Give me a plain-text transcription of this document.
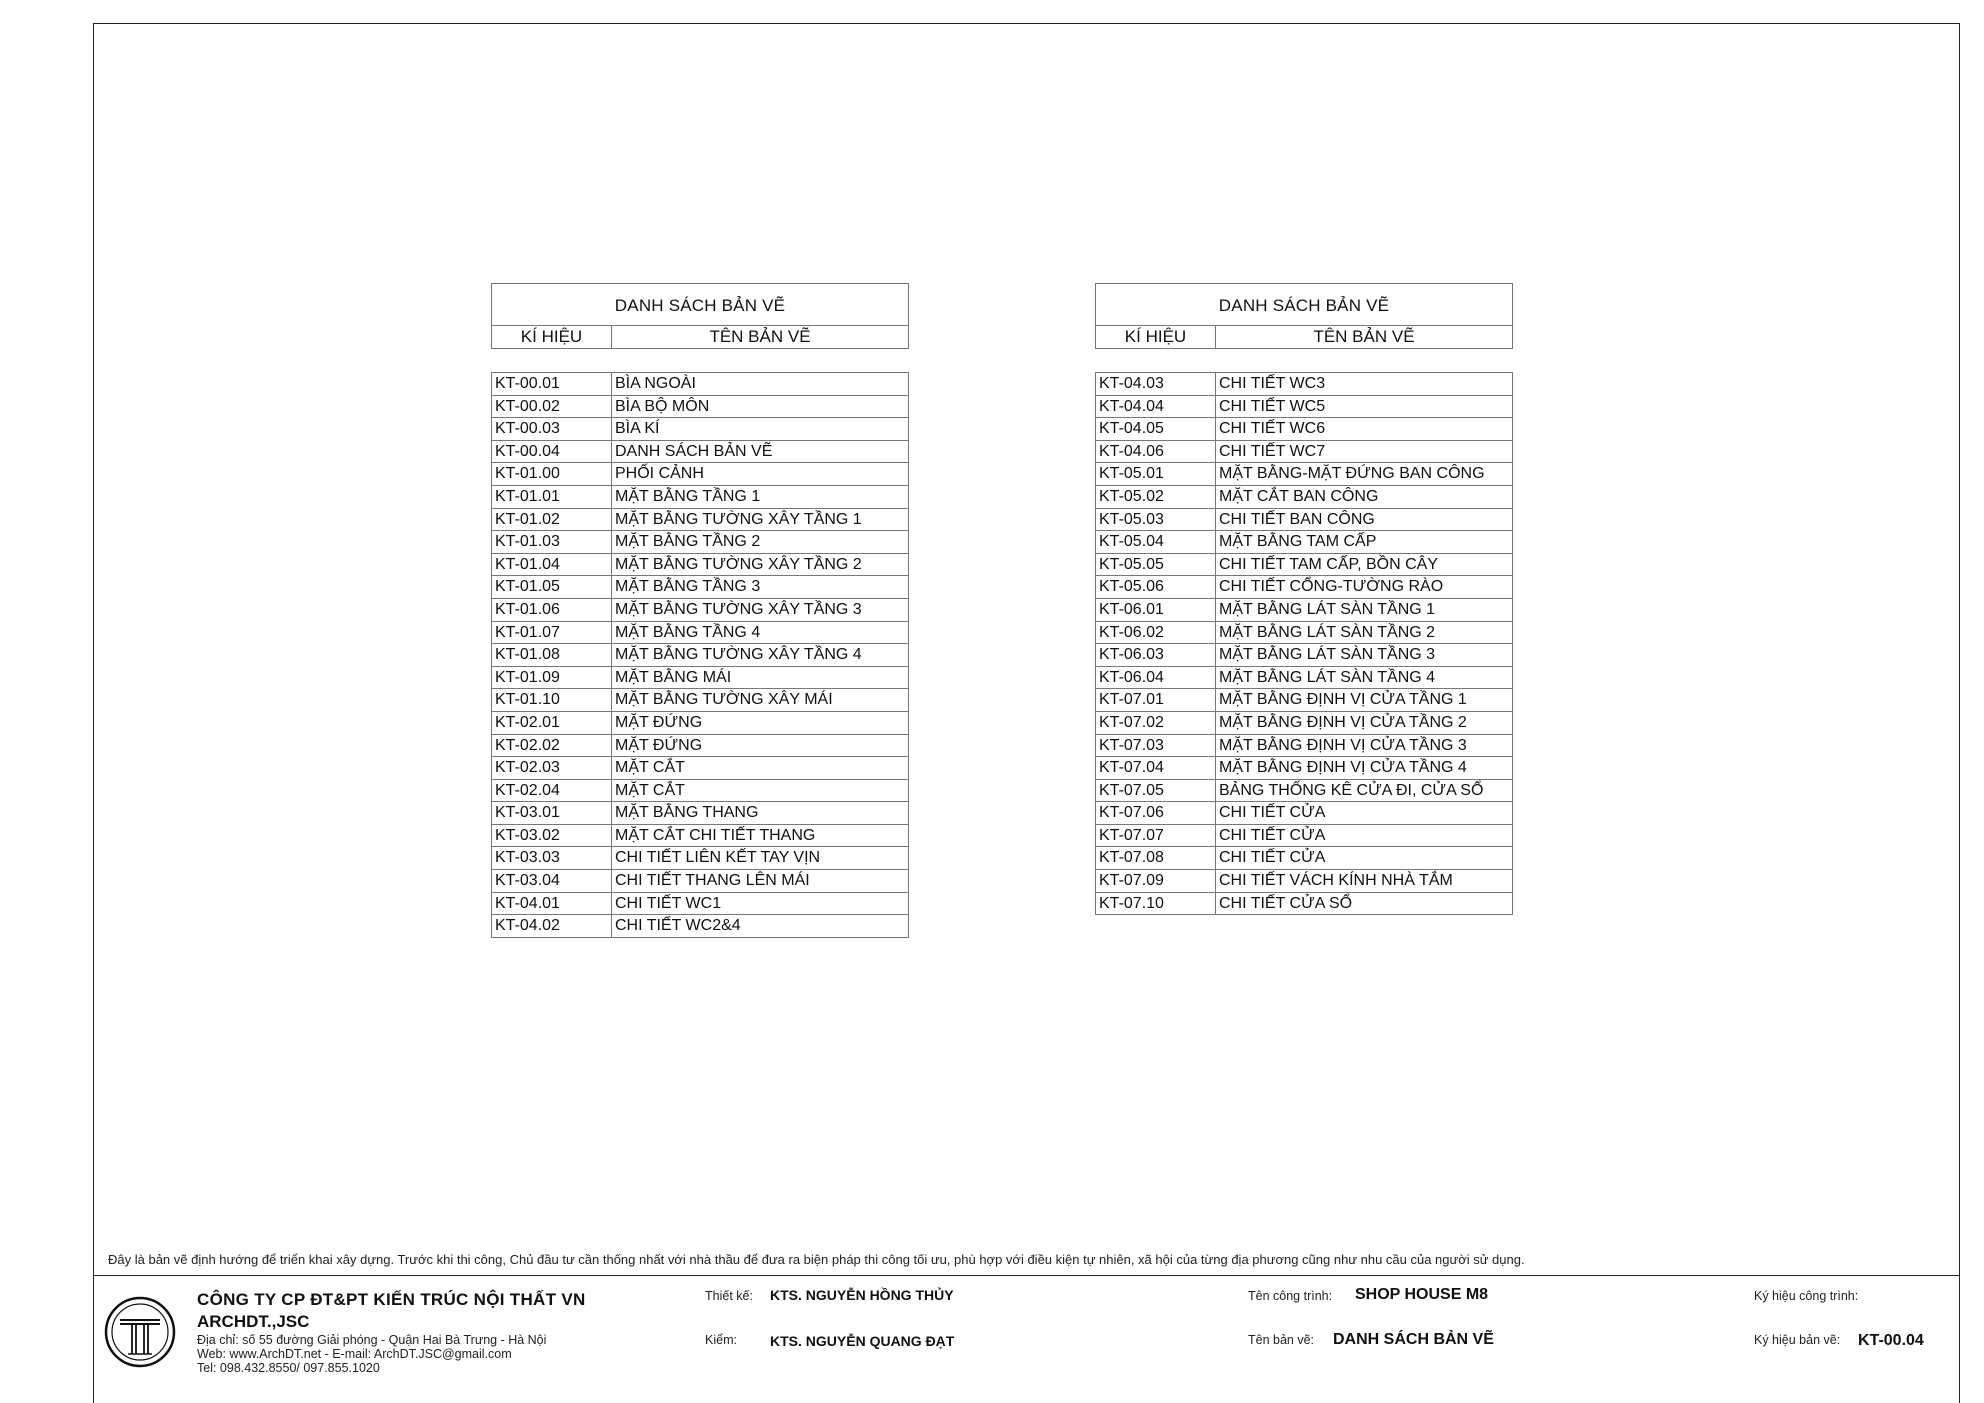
DANH SÁCH BẢN VẼ
KÍ HIỆU	TÊN BẢN VẼ
KT-00.01	BÌA NGOÀI
KT-00.02	BÌA BỘ MÔN
KT-00.03	BÌA KÍ
KT-00.04	DANH SÁCH BẢN VẼ
KT-01.00	PHỐI CẢNH
KT-01.01	MẶT BẰNG TẦNG 1
KT-01.02	MẶT BẰNG TƯỜNG XÂY TẦNG 1
KT-01.03	MẶT BẰNG TẦNG 2
KT-01.04	MẶT BẰNG TƯỜNG XÂY TẦNG 2
KT-01.05	MẶT BẰNG TẦNG 3
KT-01.06	MẶT BẰNG TƯỜNG XÂY TẦNG 3
KT-01.07	MẶT BẰNG TẦNG 4
KT-01.08	MẶT BẰNG TƯỜNG XÂY TẦNG 4
KT-01.09	MẶT BẰNG MÁI
KT-01.10	MẶT BẰNG TƯỜNG XÂY MÁI
KT-02.01	MẶT ĐỨNG
KT-02.02	MẶT ĐỨNG
KT-02.03	MẶT CẮT
KT-02.04	MẶT CẮT
KT-03.01	MẶT BẰNG THANG
KT-03.02	MẶT CẮT CHI TIẾT THANG
KT-03.03	CHI TIẾT LIÊN KẾT TAY VỊN
KT-03.04	CHI TIẾT THANG LÊN MÁI
KT-04.01	CHI TIẾT WC1
KT-04.02	CHI TIẾT WC2&4
DANH SÁCH BẢN VẼ
KÍ HIỆU	TÊN BẢN VẼ
KT-04.03	CHI TIẾT WC3
KT-04.04	CHI TIẾT WC5
KT-04.05	CHI TIẾT WC6
KT-04.06	CHI TIẾT WC7
KT-05.01	MẶT BẰNG-MẶT ĐỨNG BAN CÔNG
KT-05.02	MẶT CẮT BAN CÔNG
KT-05.03	CHI TIẾT BAN CÔNG
KT-05.04	MẶT BẰNG TAM CẤP
KT-05.05	CHI TIẾT TAM CẤP, BỒN CÂY
KT-05.06	CHI TIẾT CỔNG-TƯỜNG RÀO
KT-06.01	MẶT BẰNG LÁT SÀN TẦNG 1
KT-06.02	MẶT BẰNG LÁT SÀN TẦNG 2
KT-06.03	MẶT BẰNG LÁT SÀN TẦNG 3
KT-06.04	MẶT BẰNG LÁT SÀN TẦNG 4
KT-07.01	MẶT BẰNG ĐỊNH VỊ CỬA TẦNG 1
KT-07.02	MẶT BẰNG ĐỊNH VỊ CỬA TẦNG 2
KT-07.03	MẶT BẰNG ĐỊNH VỊ CỬA TẦNG 3
KT-07.04	MẶT BẰNG ĐỊNH VỊ CỬA TẦNG 4
KT-07.05	BẢNG THỐNG KÊ CỬA ĐI, CỬA SỔ
KT-07.06	CHI TIẾT CỬA
KT-07.07	CHI TIẾT CỬA
KT-07.08	CHI TIẾT CỬA
KT-07.09	CHI TIẾT VÁCH KÍNH NHÀ TẮM
KT-07.10	CHI TIẾT CỬA SỔ
Đây là bản vẽ định hướng để triển khai xây dựng. Trước khi thi công, Chủ đầu tư cần thống nhất với nhà thầu để đưa ra biện pháp thi công tối ưu, phù hợp với điều kiện tự nhiên, xã hội của từng địa phương cũng như nhu cầu của người sử dụng.
CÔNG TY CP ĐT&PT KIẾN TRÚC NỘI THẤT VN
ARCHDT.,JSC
Địa chỉ: số 55 đường Giải phóng - Quận Hai Bà Trưng - Hà Nội
Web: www.ArchDT.net - E-mail: ArchDT.JSC@gmail.com
Tel: 098.432.8550/ 097.855.1020
Thiết kế: KTS. NGUYỄN HỒNG THỦY
Kiểm: KTS. NGUYỄN QUANG ĐẠT
Tên công trình: SHOP HOUSE M8
Tên bản vẽ: DANH SÁCH BẢN VẼ
Ký hiệu công trình:
Ký hiệu bản vẽ: KT-00.04
